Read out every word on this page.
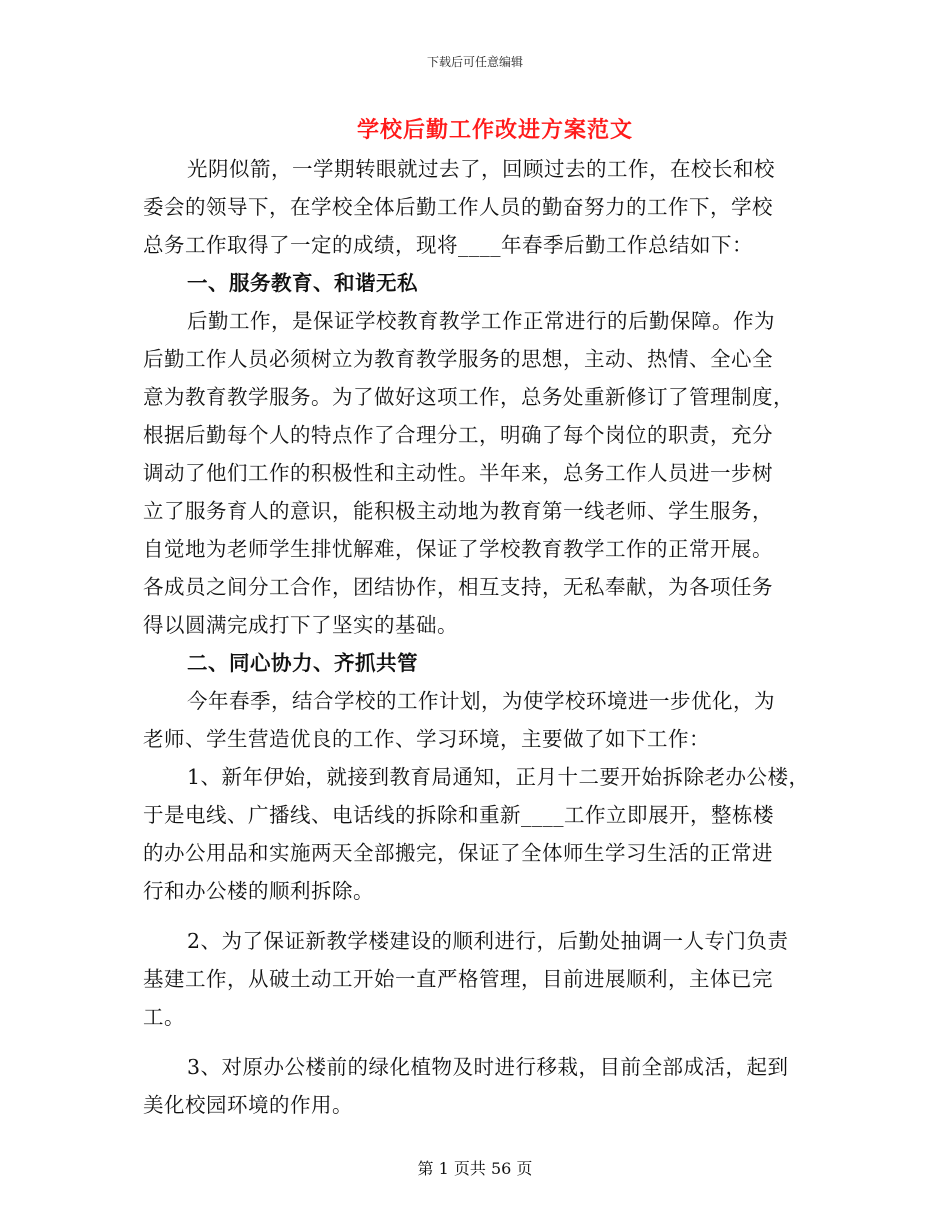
下载后可任意编辑
学校后勤工作改进方案范文
光阴似箭，一学期转眼就过去了，回顾过去的工作，在校长和校
委会的领导下，在学校全体后勤工作人员的勤奋努力的工作下，学校
总务工作取得了一定的成绩，现将____年春季后勤工作总结如下：
一、服务教育、和谐无私
后勤工作，是保证学校教育教学工作正常进行的后勤保障。作为
后勤工作人员必须树立为教育教学服务的思想，主动、热情、全心全
意为教育教学服务。为了做好这项工作，总务处重新修订了管理制度，
根据后勤每个人的特点作了合理分工，明确了每个岗位的职责，充分
调动了他们工作的积极性和主动性。半年来，总务工作人员进一步树
立了服务育人的意识，能积极主动地为教育第一线老师、学生服务，
自觉地为老师学生排忧解难，保证了学校教育教学工作的正常开展。
各成员之间分工合作，团结协作，相互支持，无私奉献，为各项任务
得以圆满完成打下了坚实的基础。
二、同心协力、齐抓共管
今年春季，结合学校的工作计划，为使学校环境进一步优化，为
老师、学生营造优良的工作、学习环境，主要做了如下工作：
1、新年伊始，就接到教育局通知，正月十二要开始拆除老办公楼，
于是电线、广播线、电话线的拆除和重新____工作立即展开，整栋楼
的办公用品和实施两天全部搬完，保证了全体师生学习生活的正常进
行和办公楼的顺利拆除。
2、为了保证新教学楼建设的顺利进行，后勤处抽调一人专门负责
基建工作，从破土动工开始一直严格管理，目前进展顺利，主体已完
工。
3、对原办公楼前的绿化植物及时进行移栽，目前全部成活，起到
美化校园环境的作用。
第 1 页共 56 页
